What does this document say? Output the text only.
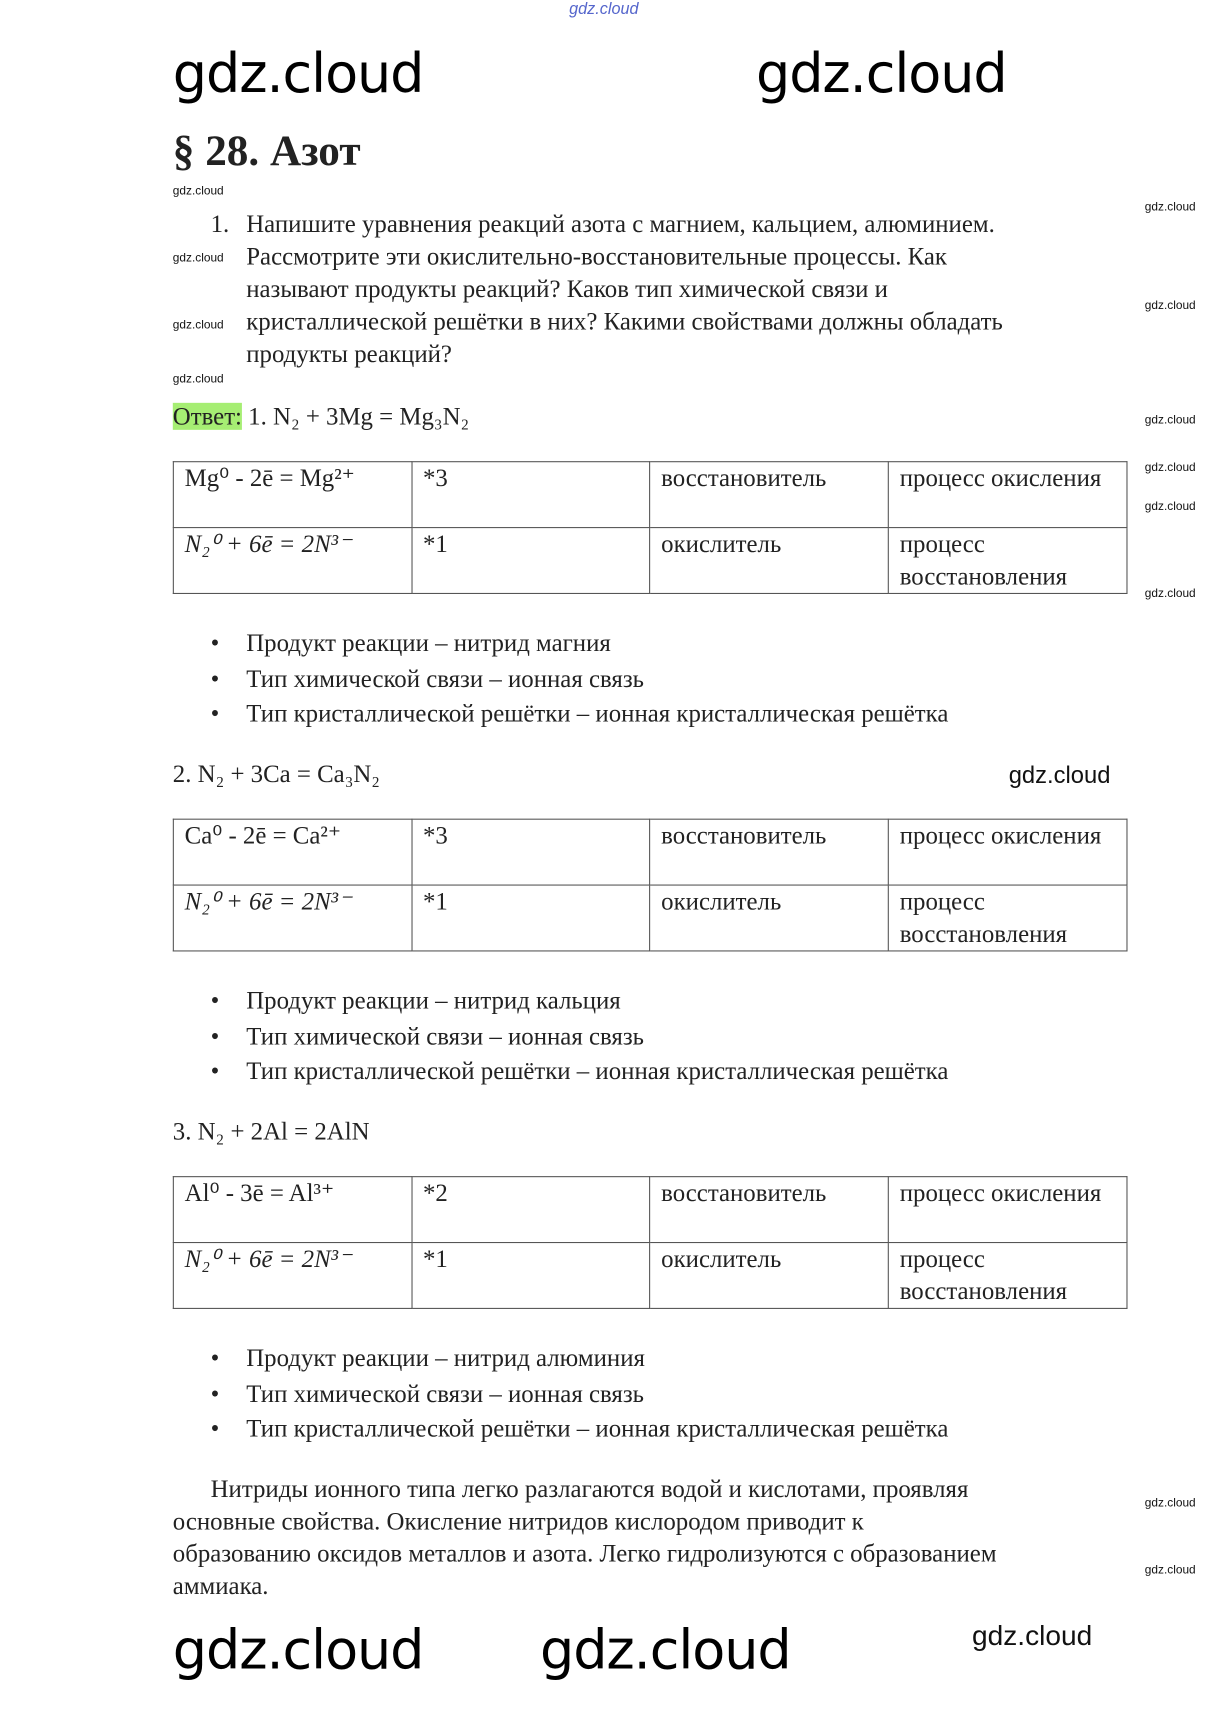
gdz.cloud
§ 28. Азот
1. Напишите уравнения реакций азота с магнием, кальцием, алюминием.
Рассмотрите эти окислительно-восстановительные процессы. Как
называют продукты реакций? Каков тип химической связи и
кристаллической решётки в них? Какими свойствами должны обладать
продукты реакций?
Ответ: 1. N₂ + 3Mg = Mg₃N₂
Mg⁰ - 2ē = Mg²⁺	*3	восстановитель	процесс окисления
N₂⁰ + 6ē = 2N³⁻	*1	окислитель	процесс восстановления
• Продукт реакции – нитрид магния
• Тип химической связи – ионная связь
• Тип кристаллической решётки – ионная кристаллическая решётка
2. N₂ + 3Ca = Ca₃N₂
Ca⁰ - 2ē = Ca²⁺	*3	восстановитель	процесс окисления
N₂⁰ + 6ē = 2N³⁻	*1	окислитель	процесс восстановления
• Продукт реакции – нитрид кальция
• Тип химической связи – ионная связь
• Тип кристаллической решётки – ионная кристаллическая решётка
3. N₂ + 2Al = 2AlN
Al⁰ - 3ē = Al³⁺	*2	восстановитель	процесс окисления
N₂⁰ + 6ē = 2N³⁻	*1	окислитель	процесс восстановления
• Продукт реакции – нитрид алюминия
• Тип химической связи – ионная связь
• Тип кристаллической решётки – ионная кристаллическая решётка
Нитриды ионного типа легко разлагаются водой и кислотами, проявляя
основные свойства. Окисление нитридов кислородом приводит к
образованию оксидов металлов и азота. Легко гидролизуются с образованием
аммиака.
gdz.cloud
gdz.cloud
gdz.cloud
gdz.cloud
gdz.cloud
gdz.cloud
gdz.cloud
gdz.cloud
gdz.cloud
gdz.cloud
gdz.cloud
gdz.cloud
gdz.cloud
gdz.cloud
gdz.cloud	gdz.cloud
gdz.cloud gdz.cloud
